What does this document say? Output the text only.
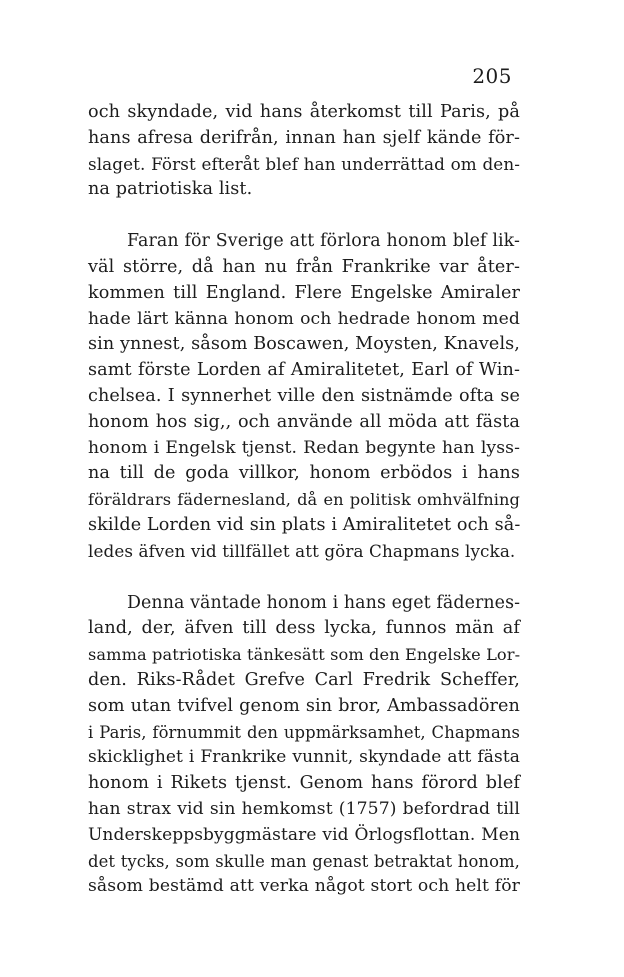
205
och skyndade, vid hans återkomst till Paris, på
hans afresa derifrån, innan han sjelf kände för-
slaget. Först efteråt blef han underrättad om den-
na patriotiska list.
Faran för Sverige att förlora honom blef lik-
väl större, då han nu från Frankrike var åter-
kommen till England. Flere Engelske Amiraler
hade lärt känna honom och hedrade honom med
sin ynnest, såsom Boscawen, Moysten, Knavels,
samt förste Lorden af Amiralitetet, Earl of Win-
chelsea. I synnerhet ville den sistnämde ofta se
honom hos sig,, och använde all möda att fästa
honom i Engelsk tjenst. Redan begynte han lyss-
na till de goda villkor, honom erbödos i hans
föräldrars fädernesland, då en politisk omhvälfning
skilde Lorden vid sin plats i Amiralitetet och så-
ledes äfven vid tillfället att göra Chapmans lycka.
Denna väntade honom i hans eget fädernes-
land, der, äfven till dess lycka, funnos män af
samma patriotiska tänkesätt som den Engelske Lor-
den. Riks-Rådet Grefve Carl Fredrik Scheffer,
som utan tvifvel genom sin bror, Ambassadören
i Paris, förnummit den uppmärksamhet, Chapmans
skicklighet i Frankrike vunnit, skyndade att fästa
honom i Rikets tjenst. Genom hans förord blef
han strax vid sin hemkomst (1757) befordrad till
Underskeppsbyggmästare vid Örlogsflottan. Men
det tycks, som skulle man genast betraktat honom,
såsom bestämd att verka något stort och helt för
